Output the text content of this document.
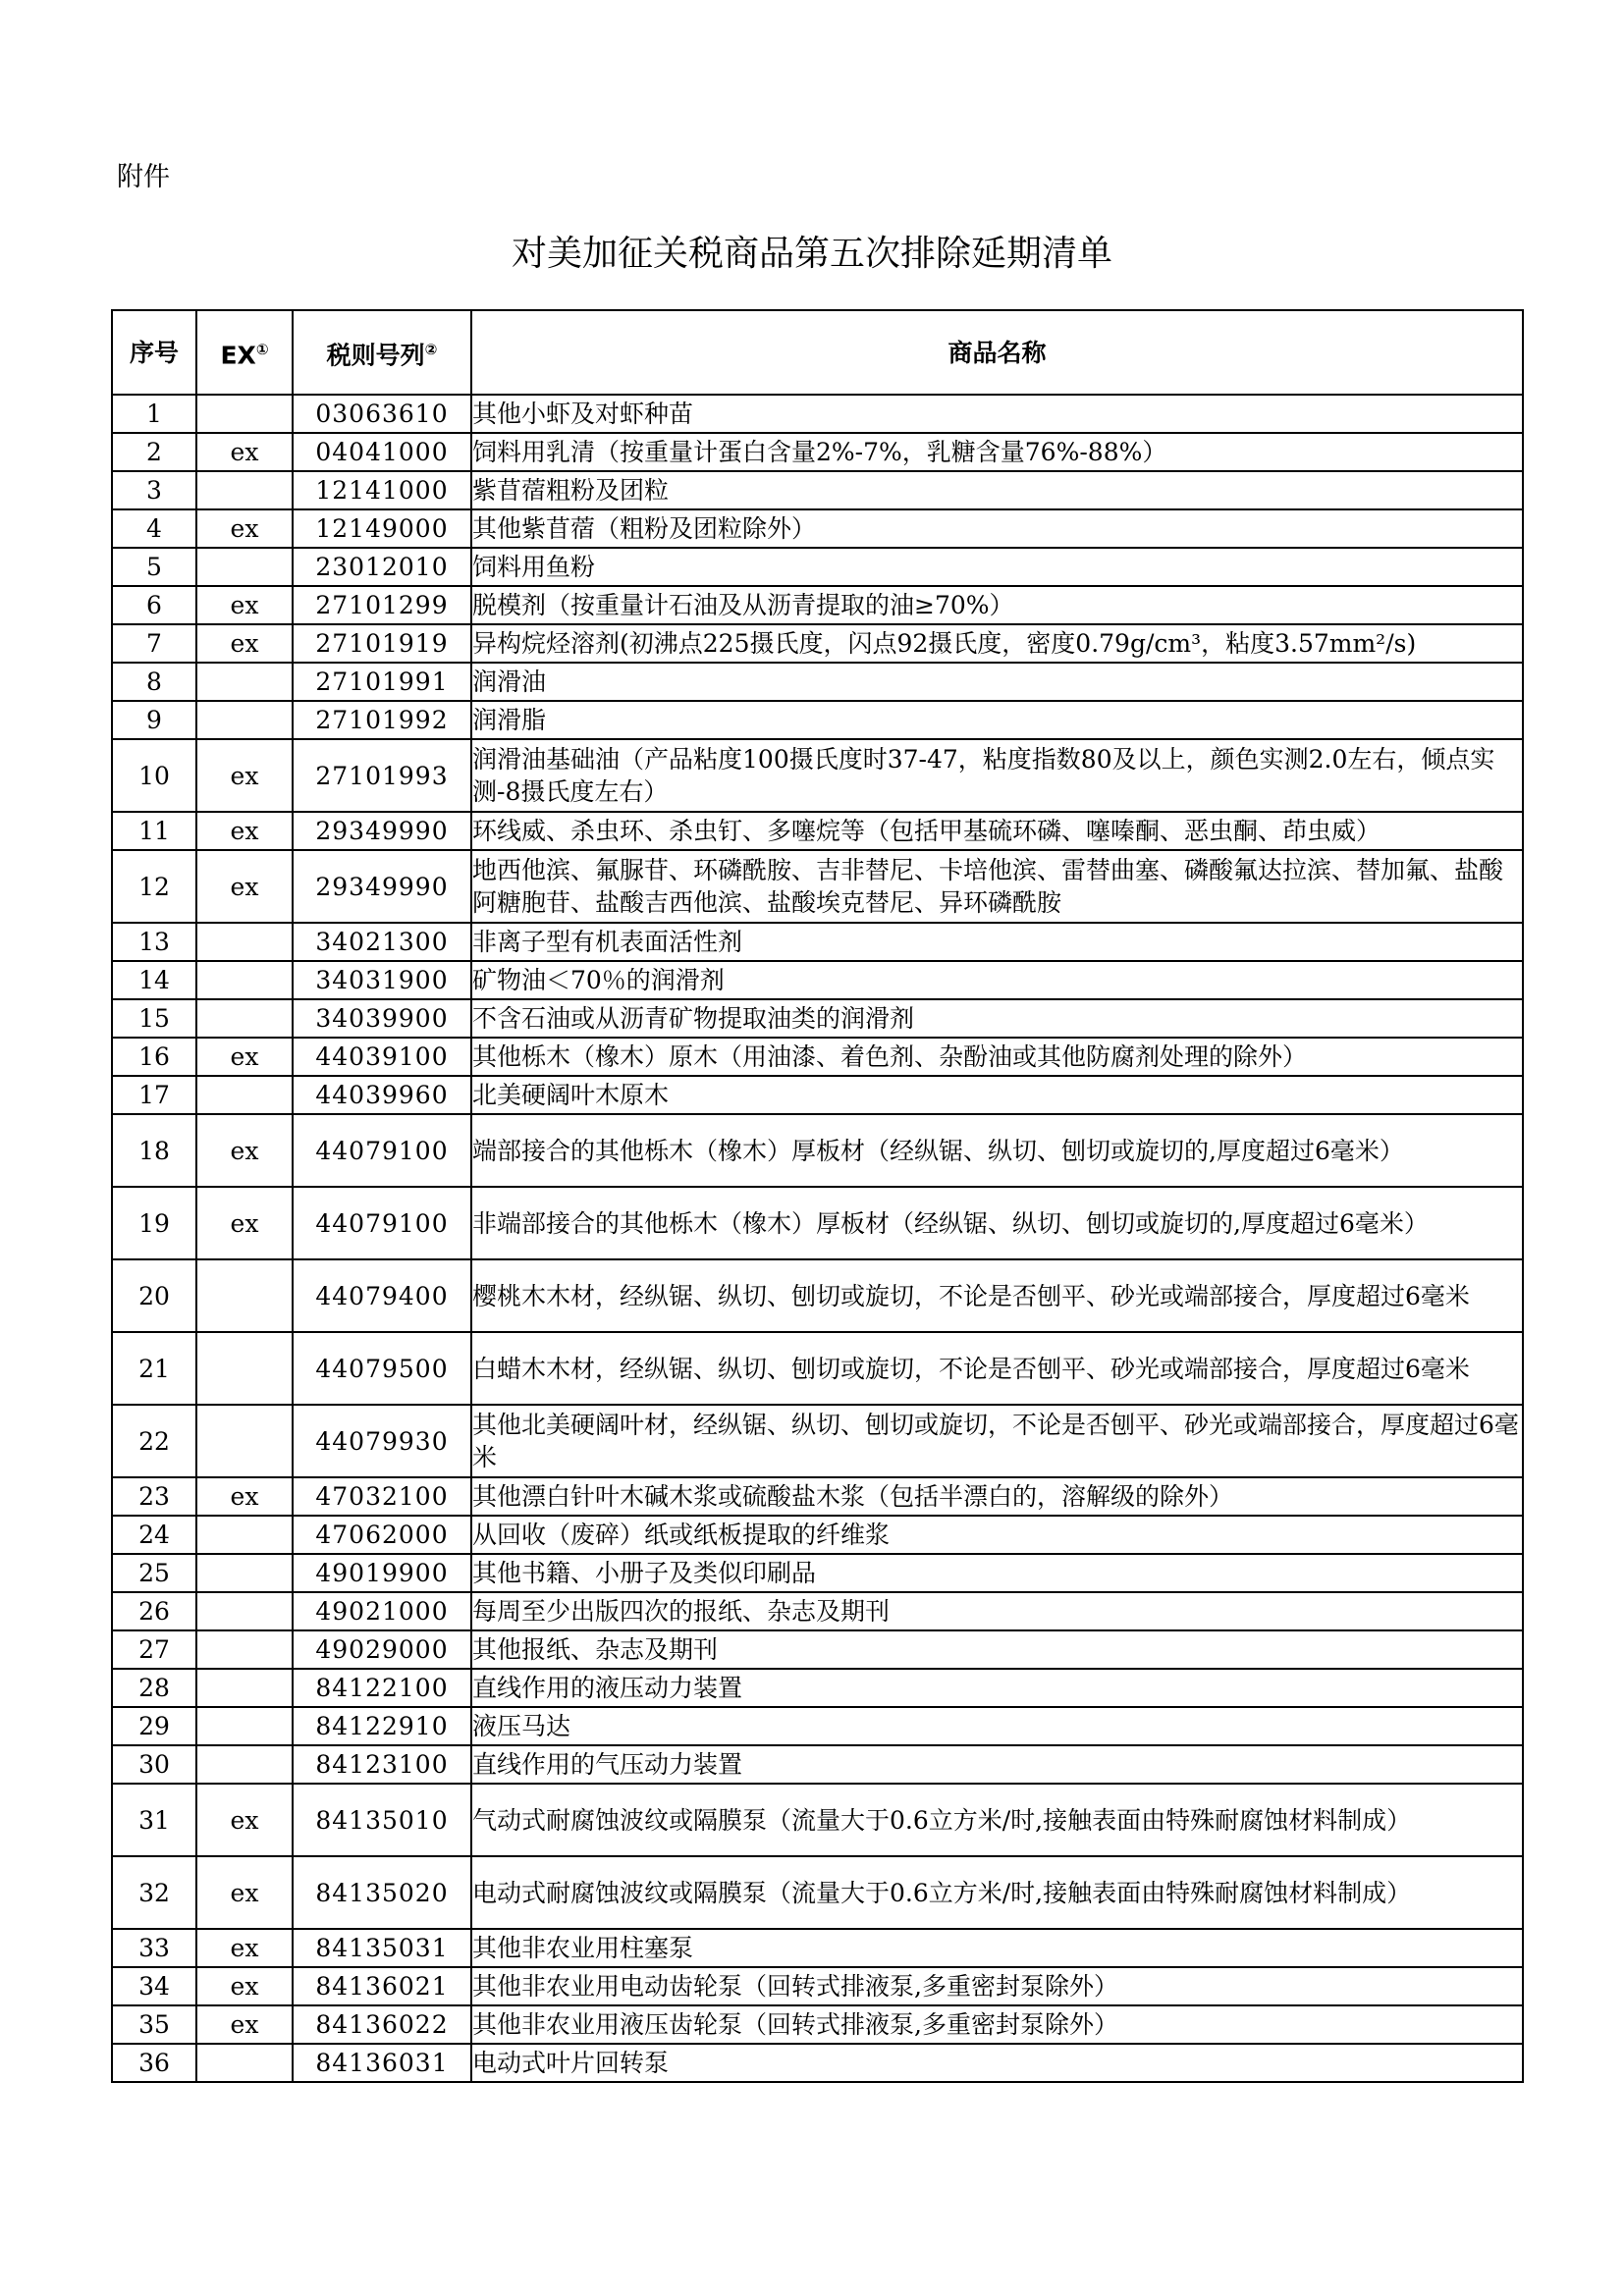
附件
对美加征关税商品第五次排除延期清单
序号	EX①	税则号列②	商品名称
1		03063610	其他小虾及对虾种苗
2	ex	04041000	饲料用乳清（按重量计蛋白含量2%-7%，乳糖含量76%-88%）
3		12141000	紫苜蓿粗粉及团粒
4	ex	12149000	其他紫苜蓿（粗粉及团粒除外）
5		23012010	饲料用鱼粉
6	ex	27101299	脱模剂（按重量计石油及从沥青提取的油≥70%）
7	ex	27101919	异构烷烃溶剂(初沸点225摄氏度，闪点92摄氏度，密度0.79g/cm³，粘度3.57mm²/s)
8		27101991	润滑油
9		27101992	润滑脂
10	ex	27101993	润滑油基础油（产品粘度100摄氏度时37-47，粘度指数80及以上，颜色实测2.0左右，倾点实测-8摄氏度左右）
11	ex	29349990	环线威、杀虫环、杀虫钉、多噻烷等（包括甲基硫环磷、噻嗪酮、恶虫酮、茚虫威）
12	ex	29349990	地西他滨、氟脲苷、环磷酰胺、吉非替尼、卡培他滨、雷替曲塞、磷酸氟达拉滨、替加氟、盐酸阿糖胞苷、盐酸吉西他滨、盐酸埃克替尼、异环磷酰胺
13		34021300	非离子型有机表面活性剂
14		34031900	矿物油＜70％的润滑剂
15		34039900	不含石油或从沥青矿物提取油类的润滑剂
16	ex	44039100	其他栎木（橡木）原木（用油漆、着色剂、杂酚油或其他防腐剂处理的除外）
17		44039960	北美硬阔叶木原木
18	ex	44079100	端部接合的其他栎木（橡木）厚板材（经纵锯、纵切、刨切或旋切的,厚度超过6毫米）
19	ex	44079100	非端部接合的其他栎木（橡木）厚板材（经纵锯、纵切、刨切或旋切的,厚度超过6毫米）
20		44079400	樱桃木木材，经纵锯、纵切、刨切或旋切，不论是否刨平、砂光或端部接合，厚度超过6毫米
21		44079500	白蜡木木材，经纵锯、纵切、刨切或旋切，不论是否刨平、砂光或端部接合，厚度超过6毫米
22		44079930	其他北美硬阔叶材，经纵锯、纵切、刨切或旋切，不论是否刨平、砂光或端部接合，厚度超过6毫米
23	ex	47032100	其他漂白针叶木碱木浆或硫酸盐木浆（包括半漂白的，溶解级的除外）
24		47062000	从回收（废碎）纸或纸板提取的纤维浆
25		49019900	其他书籍、小册子及类似印刷品
26		49021000	每周至少出版四次的报纸、杂志及期刊
27		49029000	其他报纸、杂志及期刊
28		84122100	直线作用的液压动力装置
29		84122910	液压马达
30		84123100	直线作用的气压动力装置
31	ex	84135010	气动式耐腐蚀波纹或隔膜泵（流量大于0.6立方米/时,接触表面由特殊耐腐蚀材料制成）
32	ex	84135020	电动式耐腐蚀波纹或隔膜泵（流量大于0.6立方米/时,接触表面由特殊耐腐蚀材料制成）
33	ex	84135031	其他非农业用柱塞泵
34	ex	84136021	其他非农业用电动齿轮泵（回转式排液泵,多重密封泵除外）
35	ex	84136022	其他非农业用液压齿轮泵（回转式排液泵,多重密封泵除外）
36		84136031	电动式叶片回转泵
